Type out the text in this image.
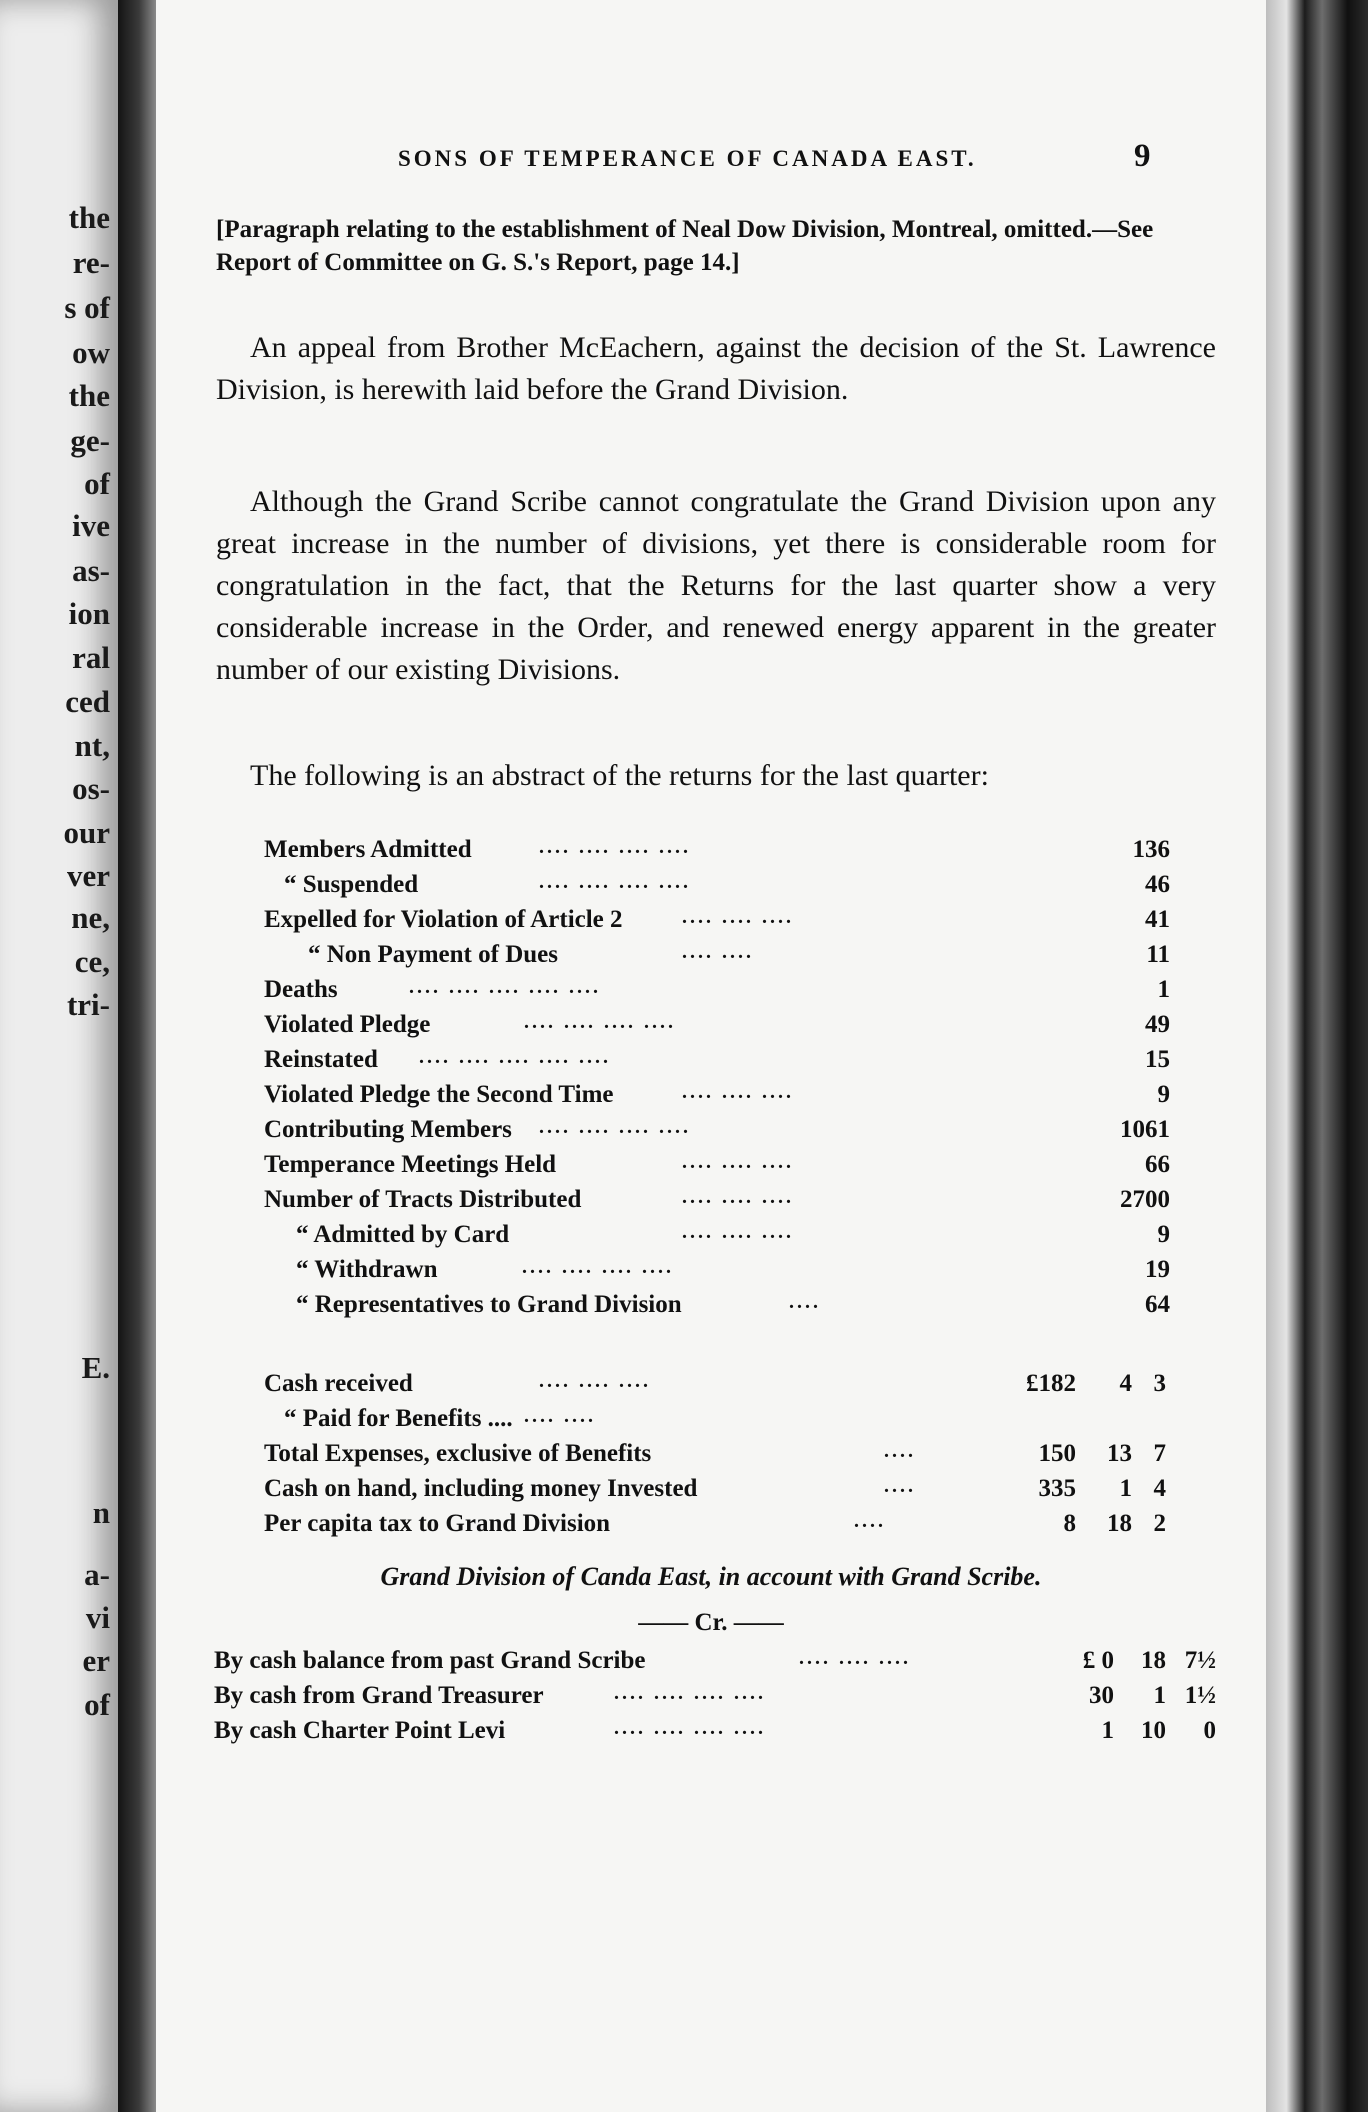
the
re-
s of
ow
the
ge-
of
ive
as-
ion
ral
ced
nt,
os-
our
ver
ne,
ce,
tri-
E.
n
a-
vi
er
of
SONS OF TEMPERANCE OF CANADA EAST.	9
[Paragraph relating to the establishment of Neal Dow Division, Montreal, omitted.—See Report of Committee on G. S.'s Report, page 14.]

An appeal from Brother McEachern, against the decision of the St. Lawrence Division, is herewith laid before the Grand Division.

Although the Grand Scribe cannot congratulate the Grand Division upon any great increase in the number of divisions, yet there is considerable room for congratulation in the fact, that the Returns for the last quarter show a very considerable increase in the Order, and renewed energy apparent in the greater number of our existing Divisions.

The following is an abstract of the returns for the last quarter:

Members Admitted	.... .... .... ....	136
“ Suspended	.... .... .... ....	46
Expelled for Violation of Article 2	.... .... ....	41
“ Non Payment of Dues	.... ....	11
Deaths	.... .... .... .... ....	1
Violated Pledge	.... .... .... ....	49
Reinstated .... .... .... .... ....	15
Violated Pledge the Second Time	.... .... ....	9
Contributing Members .... .... .... ....	1061
Temperance Meetings Held	.... .... ....	66
Number of Tracts Distributed	.... .... ....	2700
“ Admitted by Card	.... .... ....	9
“ Withdrawn	.... .... .... ....	19
“ Representatives to Grand Division	....	64
Cash received	.... .... ....	£182 4 3
“ Paid for Benefits .... .... ....
Total Expenses, exclusive of Benefits	....	150 13 7
Cash on hand, including money Invested	....	335 1 4
Per capita tax to Grand Division	....	8 18 2
Grand Division of Canda East, in account with Grand Scribe.
—— Cr. ——
By cash balance from past Grand Scribe	.... .... ....	£ 0 18 7½
By cash from Grand Treasurer	.... .... .... ....	30 1 1½
By cash Charter Point Levi	.... .... .... ....	1 10 0
